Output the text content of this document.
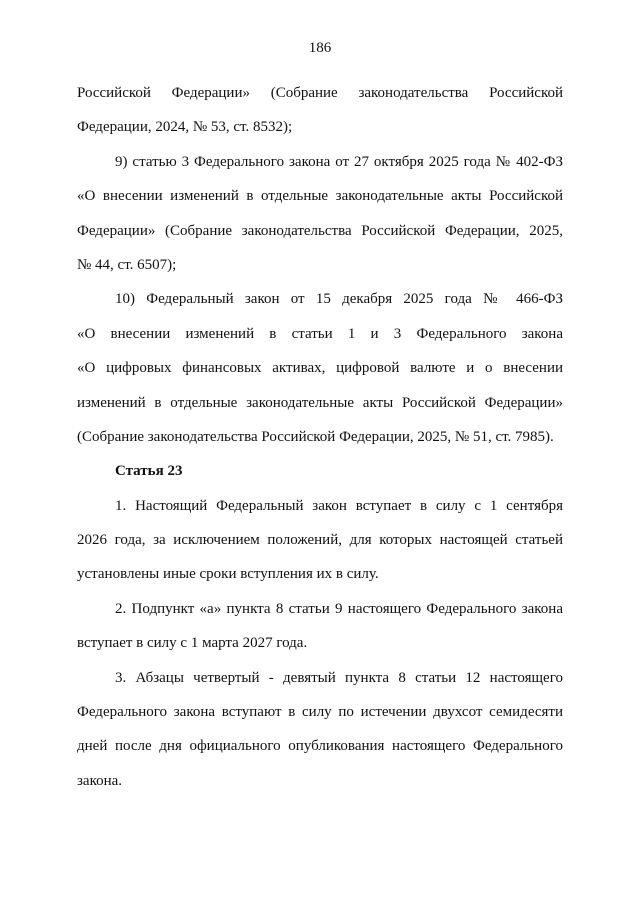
186
Российской Федерации» (Собрание законодательства Российской
Федерации, 2024, № 53, ст. 8532);
9) статью 3 Федерального закона от 27 октября 2025 года № 402-ФЗ
«О внесении изменений в отдельные законодательные акты Российской
Федерации» (Собрание законодательства Российской Федерации, 2025,
№ 44, ст. 6507);
10) Федеральный закон от 15 декабря 2025 года № 466-ФЗ
«О внесении изменений в статьи 1 и 3 Федерального закона
«О цифровых финансовых активах, цифровой валюте и о внесении
изменений в отдельные законодательные акты Российской Федерации»
(Собрание законодательства Российской Федерации, 2025, № 51, ст. 7985).
Статья 23
1. Настоящий Федеральный закон вступает в силу с 1 сентября
2026 года, за исключением положений, для которых настоящей статьей
установлены иные сроки вступления их в силу.
2. Подпункт «а» пункта 8 статьи 9 настоящего Федерального закона
вступает в силу с 1 марта 2027 года.
3. Абзацы четвертый - девятый пункта 8 статьи 12 настоящего
Федерального закона вступают в силу по истечении двухсот семидесяти
дней после дня официального опубликования настоящего Федерального
закона.
